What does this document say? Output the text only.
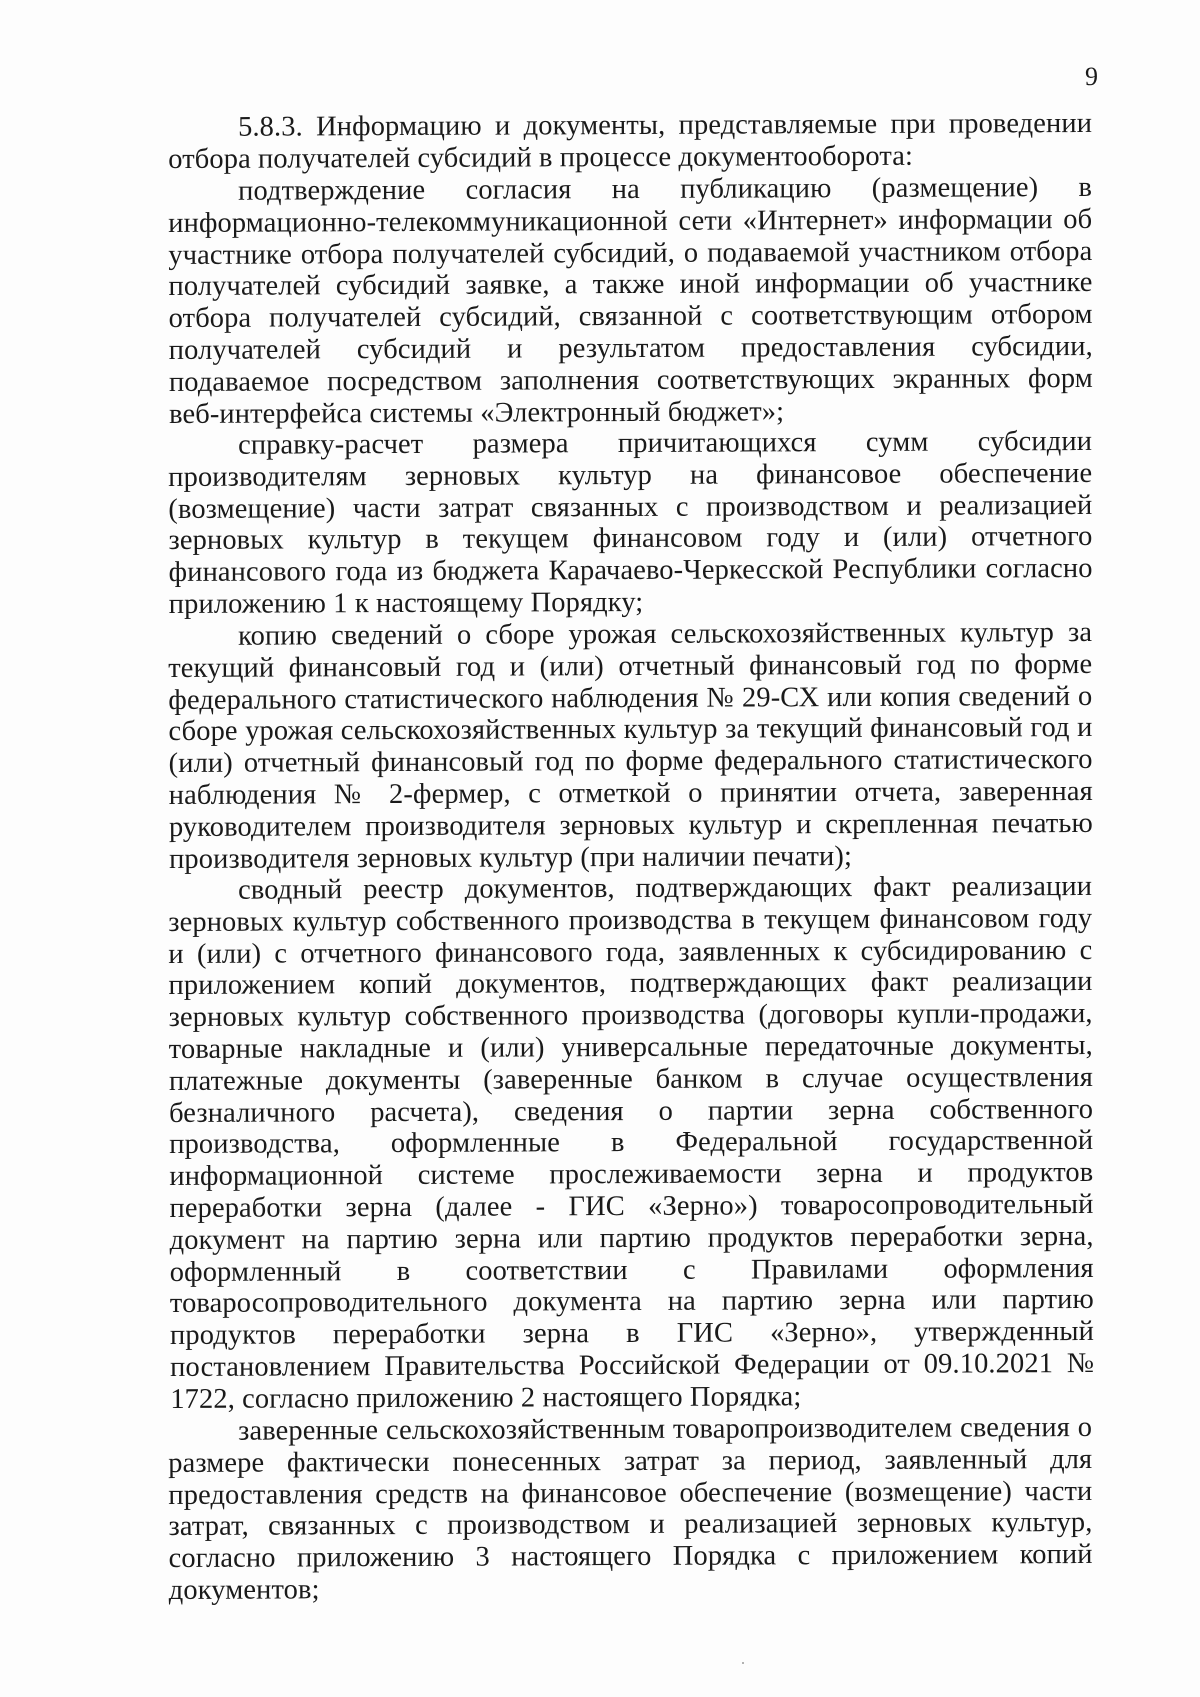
9

5.8.3. Информацию и документы, представляемые при проведении отбора получателей субсидий в процессе документооборота:

подтверждение согласия на публикацию (размещение) в информационно-телекоммуникационной сети «Интернет» информации об участнике отбора получателей субсидий, о подаваемой участником отбора получателей субсидий заявке, а также иной информации об участнике отбора получателей субсидий, связанной с соответствующим отбором получателей субсидий и результатом предоставления субсидии, подаваемое посредством заполнения соответствующих экранных форм веб-интерфейса системы «Электронный бюджет»;

справку-расчет размера причитающихся сумм субсидии производителям зерновых культур на финансовое обеспечение (возмещение) части затрат связанных с производством и реализацией зерновых культур в текущем финансовом году и (или) отчетного финансового года из бюджета Карачаево-Черкесской Республики согласно приложению 1 к настоящему Порядку;

копию сведений о сборе урожая сельскохозяйственных культур за текущий финансовый год и (или) отчетный финансовый год по форме федерального статистического наблюдения № 29-СХ или копия сведений о сборе урожая сельскохозяйственных культур за текущий финансовый год и (или) отчетный финансовый год по форме федерального статистического наблюдения № 2-фермер, с отметкой о принятии отчета, заверенная руководителем производителя зерновых культур и скрепленная печатью производителя зерновых культур (при наличии печати);

сводный реестр документов, подтверждающих факт реализации зерновых культур собственного производства в текущем финансовом году и (или) с отчетного финансового года, заявленных к субсидированию с приложением копий документов, подтверждающих факт реализации зерновых культур собственного производства (договоры купли-продажи, товарные накладные и (или) универсальные передаточные документы, платежные документы (заверенные банком в случае осуществления безналичного расчета), сведения о партии зерна собственного производства, оформленные в Федеральной государственной информационной системе прослеживаемости зерна и продуктов переработки зерна (далее - ГИС «Зерно») товаросопроводительный документ на партию зерна или партию продуктов переработки зерна, оформленный в соответствии с Правилами оформления товаросопроводительного документа на партию зерна или партию продуктов переработки зерна в ГИС «Зерно», утвержденный постановлением Правительства Российской Федерации от 09.10.2021 № 1722, согласно приложению 2 настоящего Порядка;

заверенные сельскохозяйственным товаропроизводителем сведения о размере фактически понесенных затрат за период, заявленный для предоставления средств на финансовое обеспечение (возмещение) части затрат, связанных с производством и реализацией зерновых культур, согласно приложению 3 настоящего Порядка с приложением копий документов;
